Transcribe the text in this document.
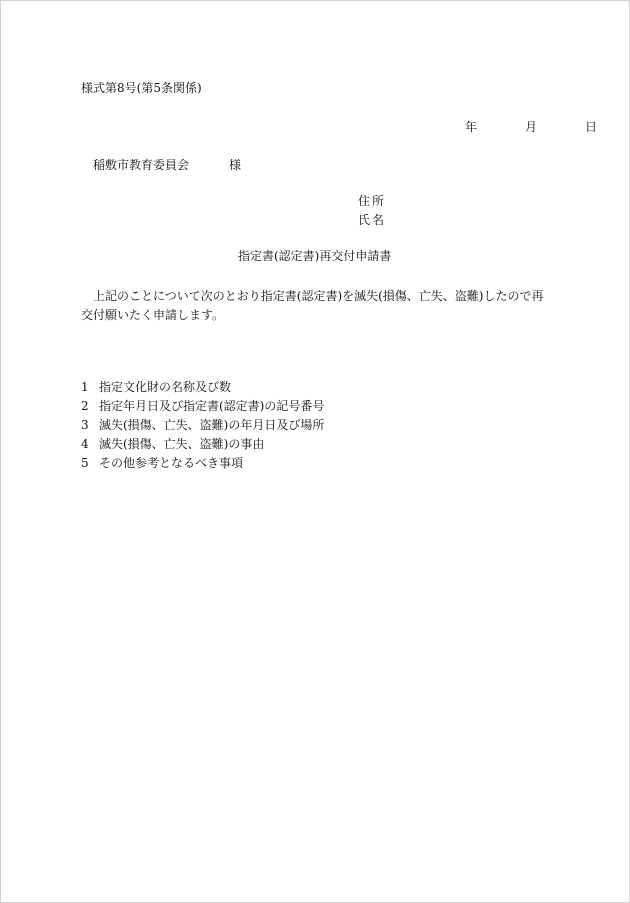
様式第8号(第5条関係)
年	月	日
稲敷市教育委員会	様
住所
氏名
指定書(認定書)再交付申請書
上記のことについて次のとおり指定書(認定書)を滅失(損傷、亡失、盗難)したので再交付願いたく申請します。
1 指定文化財の名称及び数
2 指定年月日及び指定書(認定書)の記号番号
3 滅失(損傷、亡失、盗難)の年月日及び場所
4 滅失(損傷、亡失、盗難)の事由
5 その他参考となるべき事項
